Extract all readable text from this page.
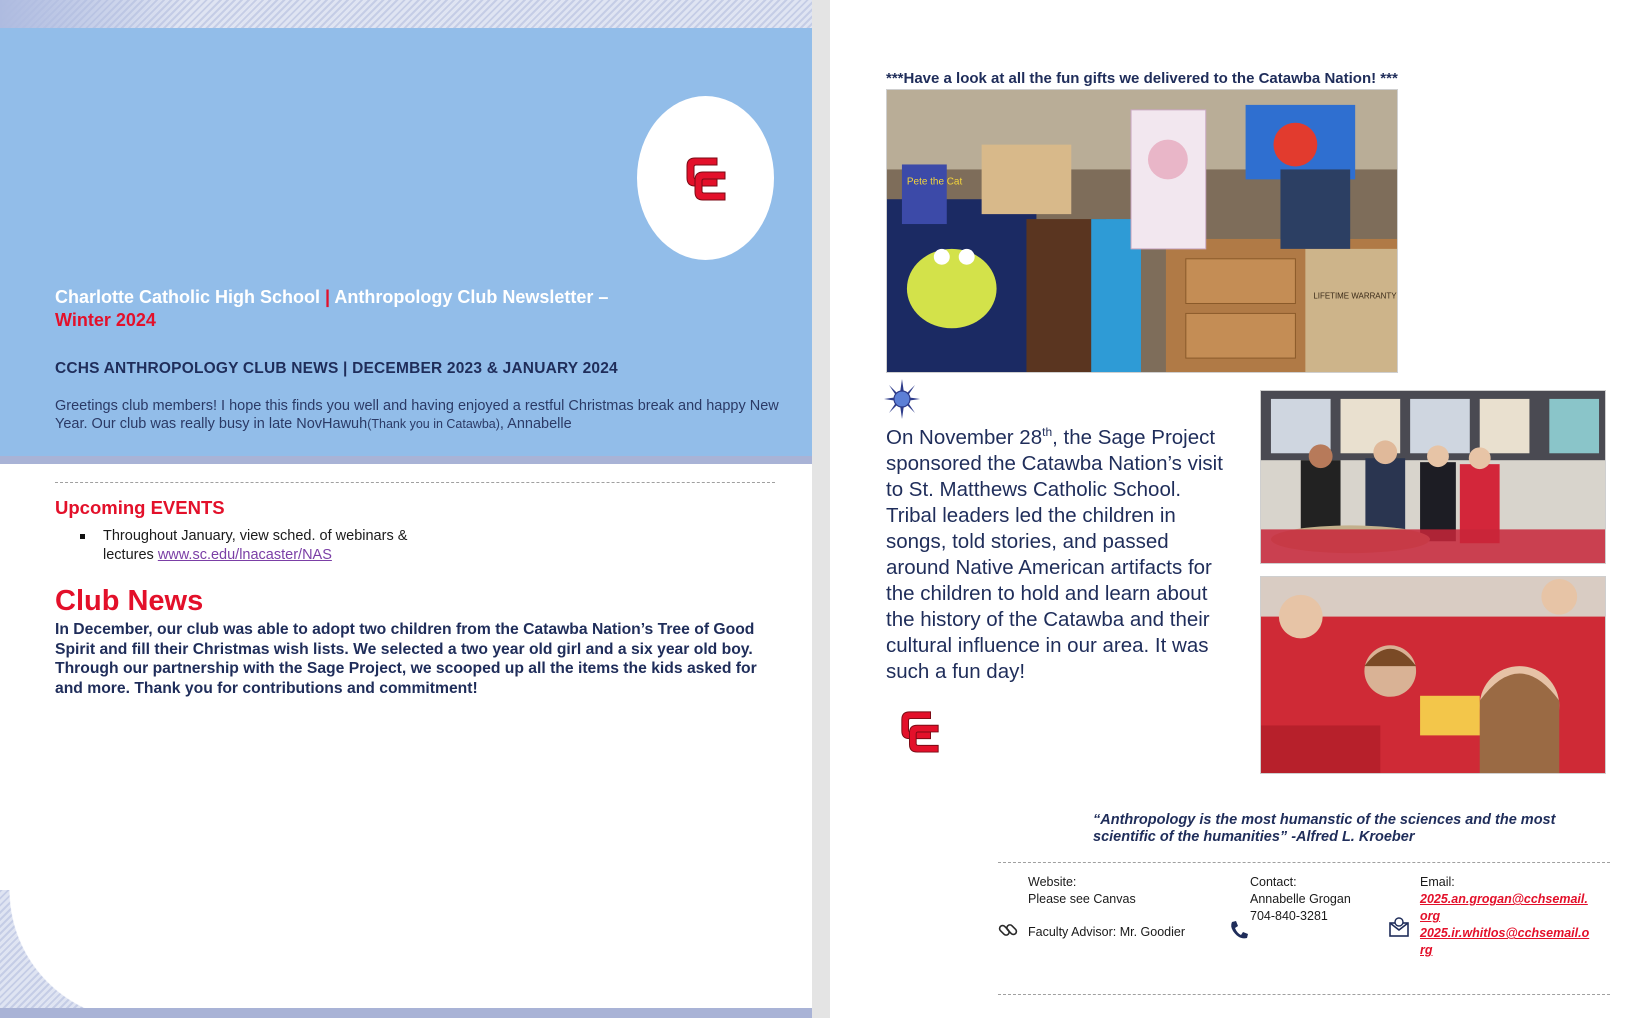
Charlotte Catholic High School | Anthropology Club Newsletter –
Winter 2024
CCHS ANTHROPOLOGY CLUB NEWS | DECEMBER 2023 & JANUARY 2024
Greetings club members! I hope this finds you well and having enjoyed a restful Christmas break and happy New Year. Our club was really busy in late NovHawuh(Thank you in Catawba), Annabelle
Upcoming EVENTS
Throughout January, view sched. of webinars & lectures www.sc.edu/lnacaster/NAS
Club News
In December, our club was able to adopt two children from the Catawba Nation’s Tree of Good Spirit and fill their Christmas wish lists. We selected a two year old girl and a six year old boy. Through our partnership with the Sage Project, we scooped up all the items the kids asked for and more. Thank you for contributions and commitment!
***Have a look at all the fun gifts we delivered to the Catawba Nation! ***
Pete the Cat
LIFETIME WARRANTY
On November 28th, the Sage Project sponsored the Catawba Nation’s visit to St. Matthews Catholic School. Tribal leaders led the children in songs, told stories, and passed around Native American artifacts for the children to hold and learn about the history of the Catawba and their cultural influence in our area. It was such a fun day!
“Anthropology is the most humanstic of the sciences and the most scientific of the humanities” -Alfred L. Kroeber
Website:
Please see Canvas
Faculty Advisor: Mr. Goodier
Contact:
Annabelle Grogan
704-840-3281
Email:
2025.an.grogan@cchsemail.org
2025.ir.whitlos@cchsemail.org
